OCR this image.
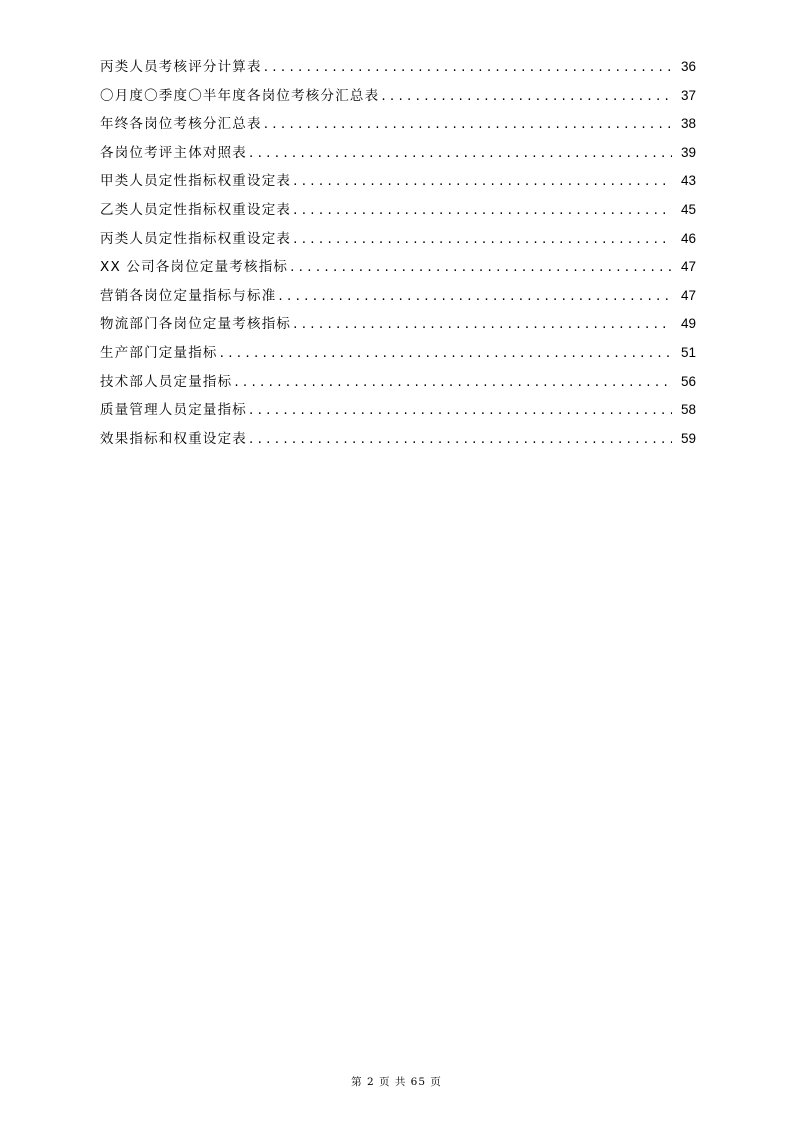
丙类人员考核评分计算表 . . .	36
〇月度〇季度〇半年度各岗位考核分汇总表 . . .	37
年终各岗位考核分汇总表 . . .	38
各岗位考评主体对照表 . . .	39
甲类人员定性指标权重设定表 . . .	43
乙类人员定性指标权重设定表 . . .	45
丙类人员定性指标权重设定表 . . .	46
XX 公司各岗位定量考核指标 . . .	47
营销各岗位定量指标与标准 . . .	47
物流部门各岗位定量考核指标 . . .	49
生产部门定量指标 . . .	51
技术部人员定量指标 . . .	56
质量管理人员定量指标 . . .	58
效果指标和权重设定表 . . .	59
第 2 页 共 65 页
